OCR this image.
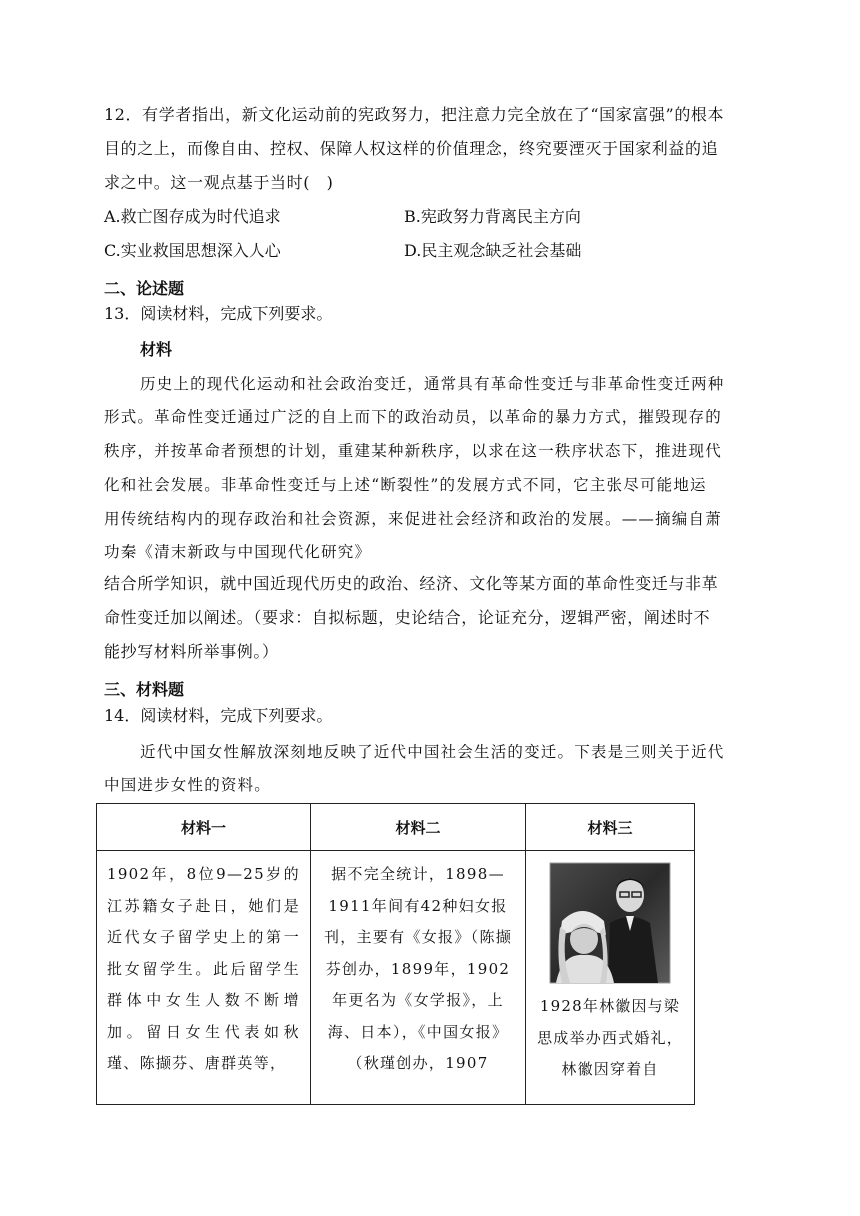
12．有学者指出，新文化运动前的宪政努力，把注意力完全放在了“国家富强”的根本
目的之上，而像自由、控权、保障人权这样的价值理念，终究要湮灭于国家利益的追
求之中。这一观点基于当时(　)
A.救亡图存成为时代追求	B.宪政努力背离民主方向
C.实业救国思想深入人心	D.民主观念缺乏社会基础
二、论述题
13．阅读材料，完成下列要求。
材料
历史上的现代化运动和社会政治变迁，通常具有革命性变迁与非革命性变迁两种
形式。革命性变迁通过广泛的自上而下的政治动员，以革命的暴力方式，摧毁现存的
秩序，并按革命者预想的计划，重建某种新秩序，以求在这一秩序状态下，推进现代
化和社会发展。非革命性变迁与上述“断裂性”的发展方式不同，它主张尽可能地运
用传统结构内的现存政治和社会资源，来促进社会经济和政治的发展。——摘编自萧
功秦《清末新政与中国现代化研究》
结合所学知识，就中国近现代历史的政治、经济、文化等某方面的革命性变迁与非革
命性变迁加以阐述。（要求：自拟标题，史论结合，论证充分，逻辑严密，阐述时不
能抄写材料所举事例。）
三、材料题
14．阅读材料，完成下列要求。
近代中国女性解放深刻地反映了近代中国社会生活的变迁。下表是三则关于近代
中国进步女性的资料。
材料一	材料二	材料三

1902年，8位9—25岁的江苏籍女子赴日，她们是近代女子留学史上的第一批女留学生。此后留学生群体中女生人数不断增加。留日女生代表如秋瑾、陈撷芬、唐群英等，	据不完全统计，1898—1911年间有42种妇女报刊，主要有《女报》（陈撷芬创办，1899年，1902年更名为《女学报》，上海、日本），《中国女报》（秋瑾创办，1907	1928年林徽因与梁思成举办西式婚礼，林徽因穿着自
